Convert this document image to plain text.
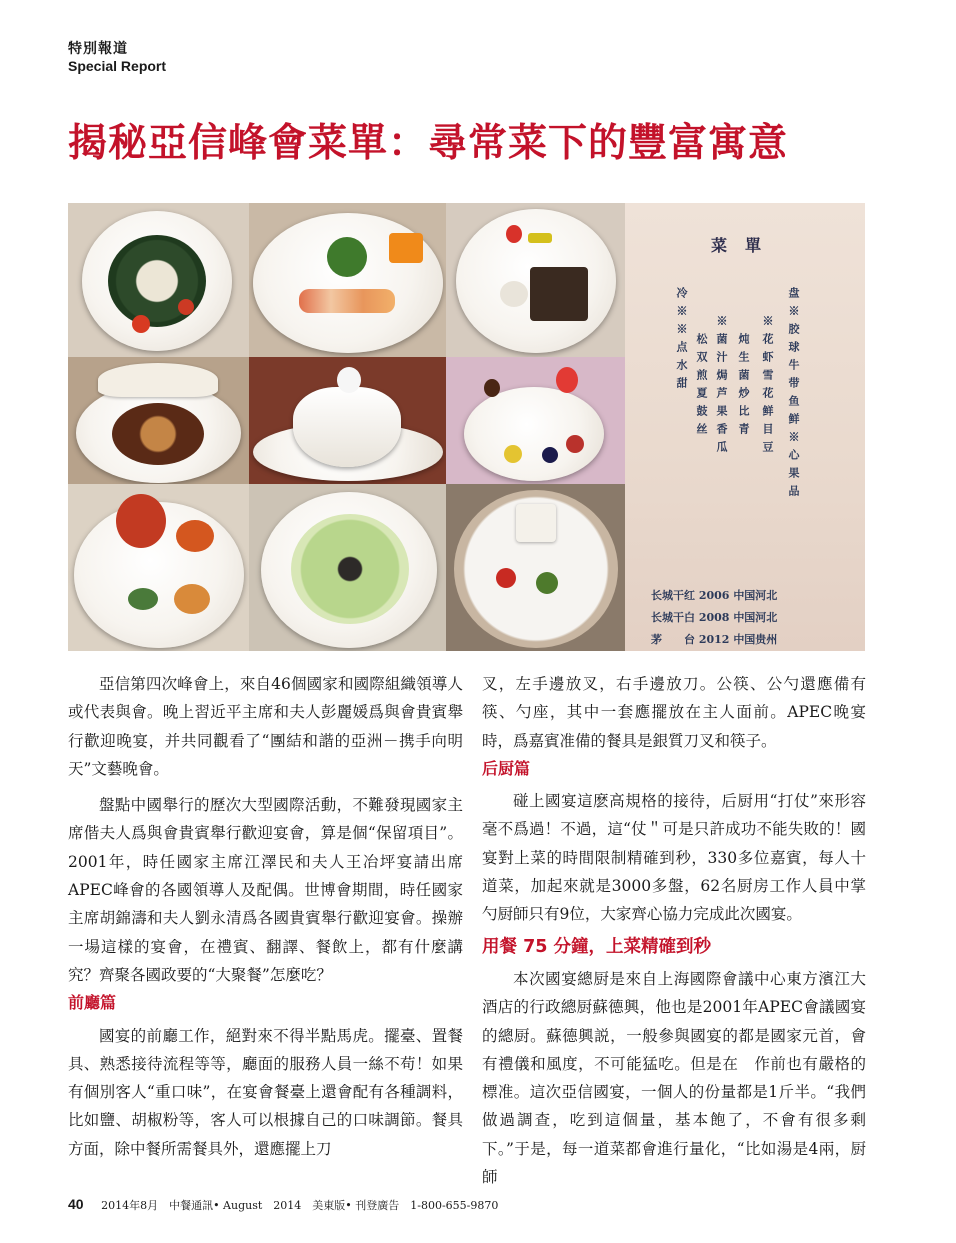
特別報道
Special Report
揭秘亞信峰會菜單：尋常菜下的豐富寓意
菜單
盘※胶球牛带鱼鲜※心果品
※花虾雪花鲜目豆
炖生菌炒比青
※菌汁焗芦果香瓜
松双煎夏鼓丝
冷※※点水甜
长城干红 2006 中国河北
长城干白 2008 中国河北
茅　　台 2012 中国贵州

亞信第四次峰會上，來自46個國家和國際組織領導人或代表與會。晚上習近平主席和夫人彭麗媛爲與會貴賓舉行歡迎晚宴，并共同觀看了“團結和諧的亞洲－携手向明天”文藝晚會。

盤點中國舉行的歷次大型國際活動，不難發現國家主席偕夫人爲與會貴賓舉行歡迎宴會，算是個“保留項目”。2001年，時任國家主席江澤民和夫人王冶坪宴請出席APEC峰會的各國領導人及配偶。世博會期間，時任國家主席胡錦濤和夫人劉永清爲各國貴賓舉行歡迎宴會。操辦一場這樣的宴會，在禮賓、翻譯、餐飲上，都有什麼講究？齊聚各國政要的“大聚餐”怎麼吃？

前廳篇

國宴的前廳工作，絕對來不得半點馬虎。擺臺、置餐具、熟悉接待流程等等，廳面的服務人員一絲不苟！如果有個別客人“重口味”，在宴會餐臺上還會配有各種調料，比如鹽、胡椒粉等，客人可以根據自己的口味調節。餐具方面，除中餐所需餐具外，還應擺上刀

叉，左手邊放叉，右手邊放刀。公筷、公勺還應備有筷、勺座，其中一套應擺放在主人面前。APEC晚宴時，爲嘉賓准備的餐具是銀質刀叉和筷子。

后厨篇

碰上國宴這麽高規格的接待，后厨用“打仗”來形容毫不爲過！不過，這“仗＂可是只許成功不能失敗的！國宴對上菜的時間限制精確到秒，330多位嘉賓，每人十道菜，加起來就是3000多盤，62名厨房工作人員中掌勺厨師只有9位，大家齊心協力完成此次國宴。

用餐 75 分鐘，上菜精確到秒

本次國宴總厨是來自上海國際會議中心東方濱江大酒店的行政總厨蘇德興，他也是2001年APEC會議國宴的總厨。蘇德興説，一般參與國宴的都是國家元首，會有禮儀和風度，不可能猛吃。但是在　作前也有嚴格的標准。這次亞信國宴，一個人的份量都是1斤半。“我們做過調查，吃到這個量，基本飽了，不會有很多剩下。”于是，每一道菜都會進行量化，“比如湯是4兩，厨師

40 2014年8月　中餐通訊• August　2014　美東版• 刊登廣告　1-800-655-9870
